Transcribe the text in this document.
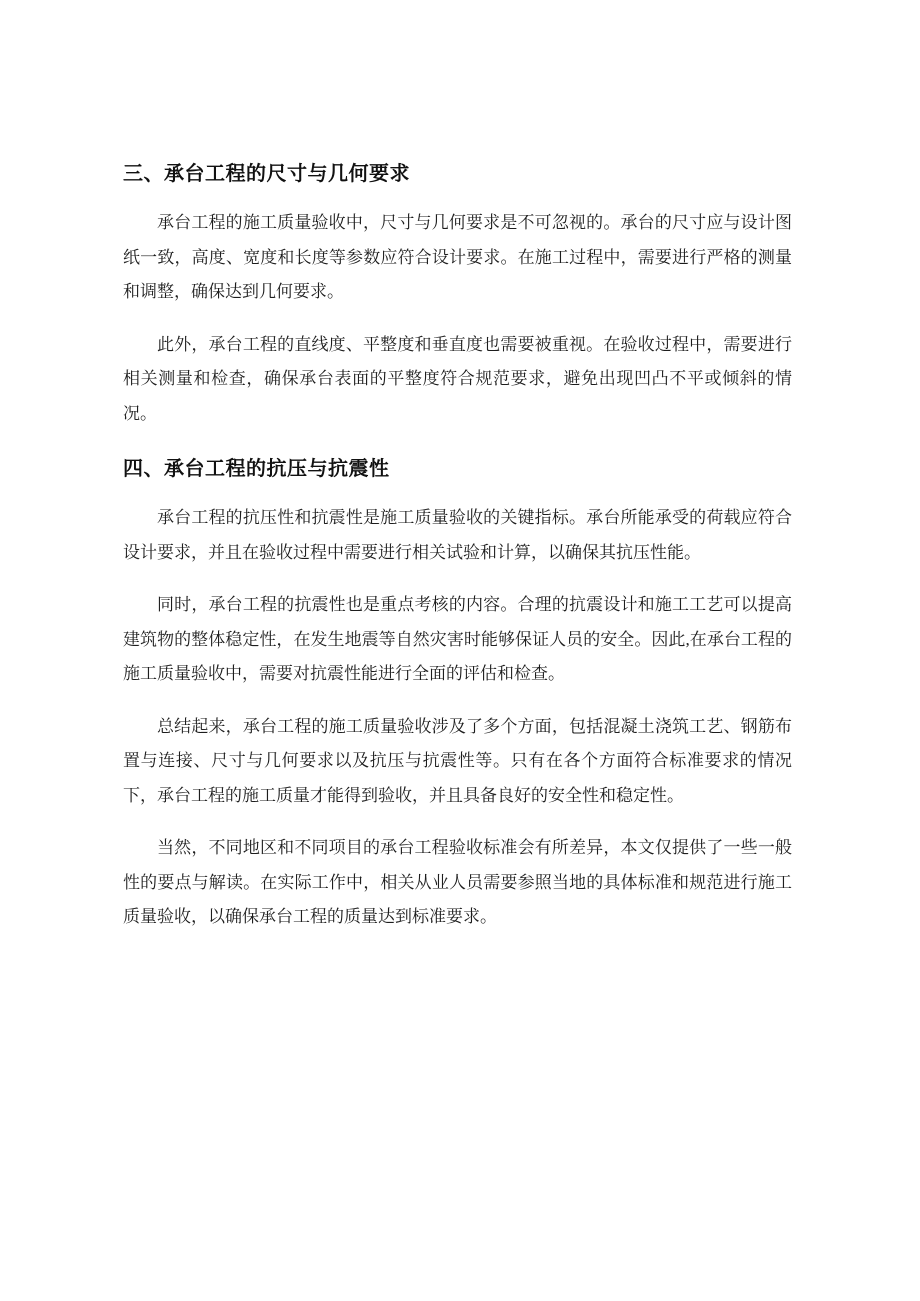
三、承台工程的尺寸与几何要求

承台工程的施工质量验收中，尺寸与几何要求是不可忽视的。承台的尺寸应与设计图纸一致，高度、宽度和长度等参数应符合设计要求。在施工过程中，需要进行严格的测量和调整，确保达到几何要求。

此外，承台工程的直线度、平整度和垂直度也需要被重视。在验收过程中，需要进行相关测量和检查，确保承台表面的平整度符合规范要求，避免出现凹凸不平或倾斜的情况。

四、承台工程的抗压与抗震性

承台工程的抗压性和抗震性是施工质量验收的关键指标。承台所能承受的荷载应符合设计要求，并且在验收过程中需要进行相关试验和计算，以确保其抗压性能。

同时，承台工程的抗震性也是重点考核的内容。合理的抗震设计和施工工艺可以提高建筑物的整体稳定性，在发生地震等自然灾害时能够保证人员的安全。因此,在承台工程的施工质量验收中，需要对抗震性能进行全面的评估和检查。

总结起来，承台工程的施工质量验收涉及了多个方面，包括混凝土浇筑工艺、钢筋布置与连接、尺寸与几何要求以及抗压与抗震性等。只有在各个方面符合标准要求的情况下，承台工程的施工质量才能得到验收，并且具备良好的安全性和稳定性。

当然，不同地区和不同项目的承台工程验收标准会有所差异，本文仅提供了一些一般性的要点与解读。在实际工作中，相关从业人员需要参照当地的具体标准和规范进行施工质量验收，以确保承台工程的质量达到标准要求。
